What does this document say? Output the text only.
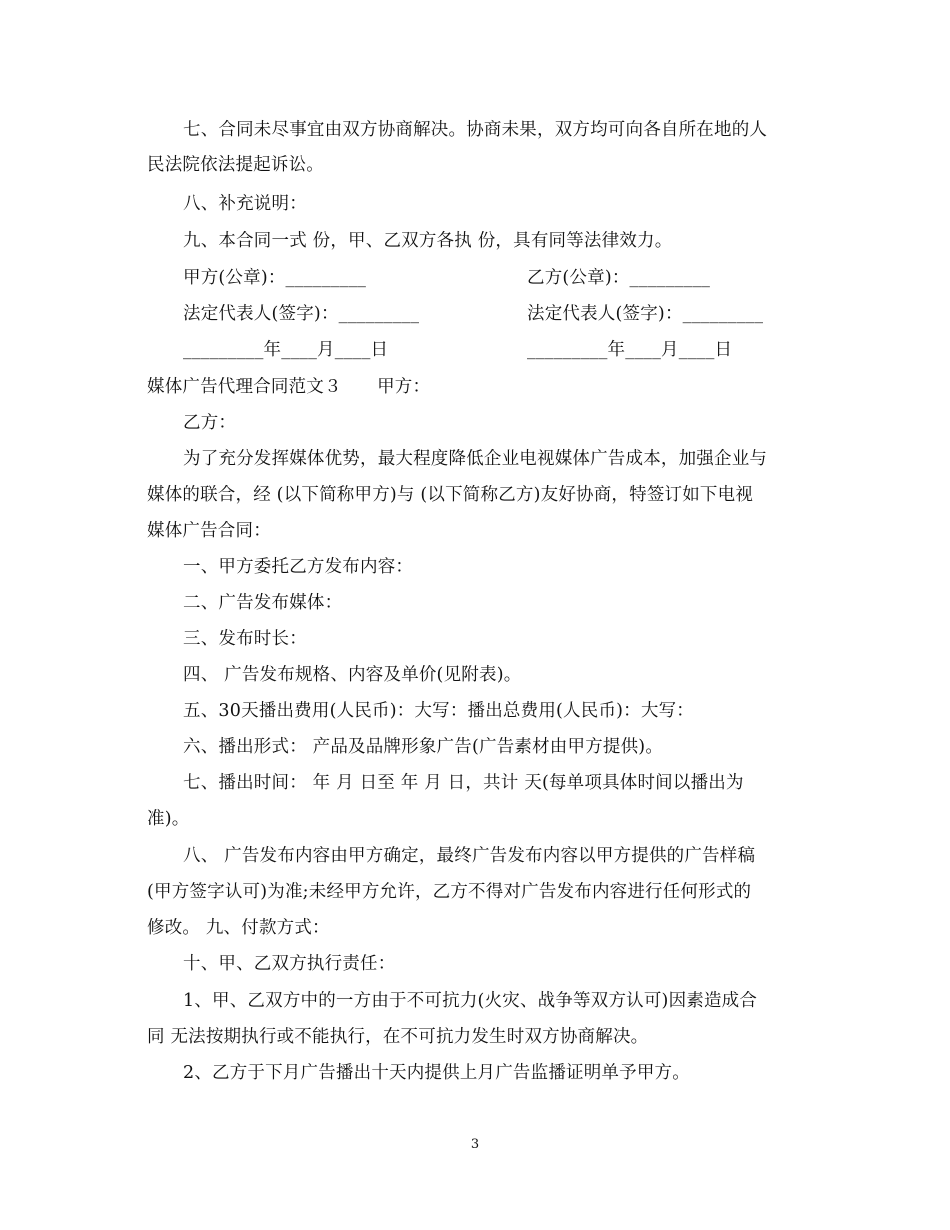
七、合同未尽事宜由双方协商解决。协商未果，双方均可向各自所在地的人
民法院依法提起诉讼。
八、补充说明：
九、本合同一式 份，甲、乙双方各执 份，具有同等法律效力。
甲方(公章)：_________	乙方(公章)：_________
法定代表人(签字)：_________	法定代表人(签字)：_________
_________年____月____日	_________年____月____日
媒体广告代理合同范文３　　甲方：
乙方：
为了充分发挥媒体优势，最大程度降低企业电视媒体广告成本，加强企业与
媒体的联合，经 (以下简称甲方)与 (以下简称乙方)友好协商，特签订如下电视
媒体广告合同：
一、甲方委托乙方发布内容：
二、广告发布媒体：
三、发布时长：
四、 广告发布规格、内容及单价(见附表)。
五、30天播出费用(人民币)：大写：播出总费用(人民币)：大写：
六、播出形式： 产品及品牌形象广告(广告素材由甲方提供)。
七、播出时间： 年 月 日至 年 月 日，共计 天(每单项具体时间以播出为
准)。
八、 广告发布内容由甲方确定，最终广告发布内容以甲方提供的广告样稿
(甲方签字认可)为准;未经甲方允许，乙方不得对广告发布内容进行任何形式的
修改。 九、付款方式：
十、甲、乙双方执行责任：
1、甲、乙双方中的一方由于不可抗力(火灾、战争等双方认可)因素造成合
同 无法按期执行或不能执行，在不可抗力发生时双方协商解决。
2、乙方于下月广告播出十天内提供上月广告监播证明单予甲方。
3
